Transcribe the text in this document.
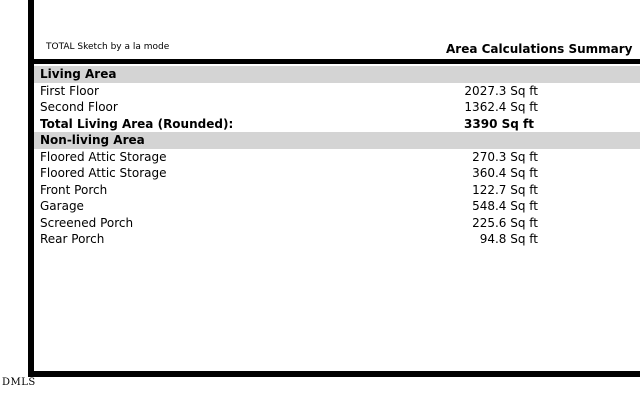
TOTAL Sketch by a la mode	Area Calculations Summary
Living Area
First Floor	2027.3 Sq ft
Second Floor	1362.4 Sq ft
Total Living Area (Rounded):	3390 Sq ft
Non-living Area
Floored Attic Storage	270.3 Sq ft
Floored Attic Storage	360.4 Sq ft
Front Porch	122.7 Sq ft
Garage	548.4 Sq ft
Screened Porch	225.6 Sq ft
Rear Porch	94.8 Sq ft
DMLS
